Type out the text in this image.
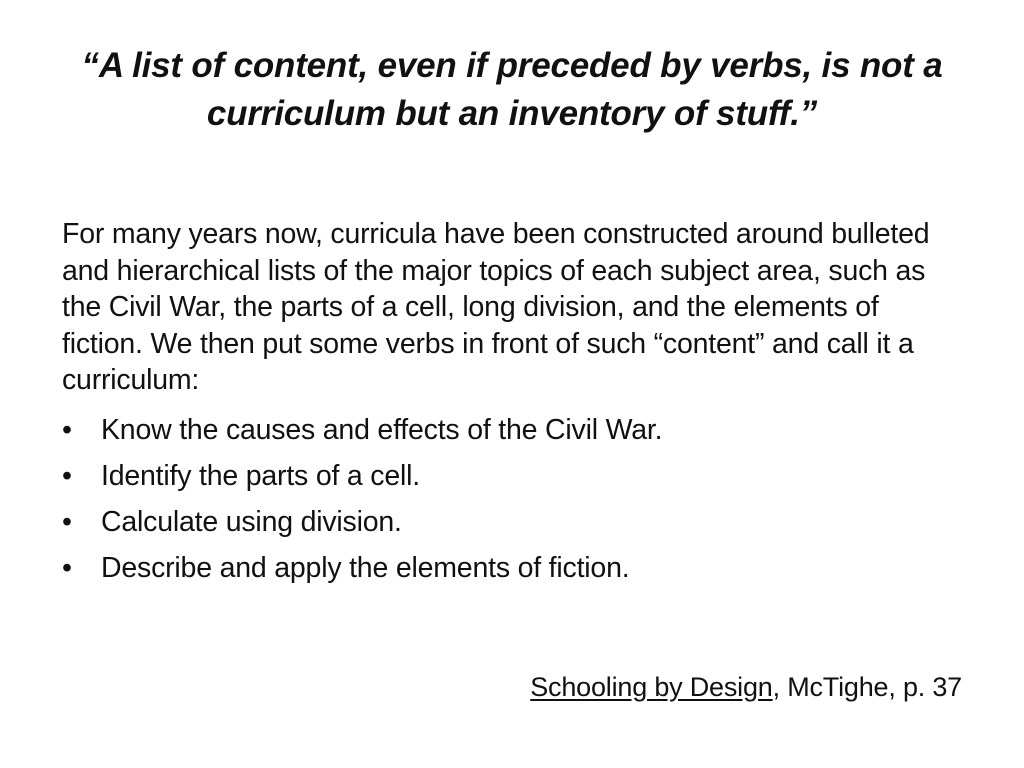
“A list of content, even if preceded by verbs, is not a curriculum but an inventory of stuff.”

For many years now, curricula have been constructed around bulleted and hierarchical lists of the major topics of each subject area, such as the Civil War, the parts of a cell, long division, and the elements of fiction. We then put some verbs in front of such “content” and call it a curriculum:

•	Know the causes and effects of the Civil War.
•	Identify the parts of a cell.
•	Calculate using division.
•	Describe and apply the elements of fiction.
Schooling by Design, McTighe, p. 37
